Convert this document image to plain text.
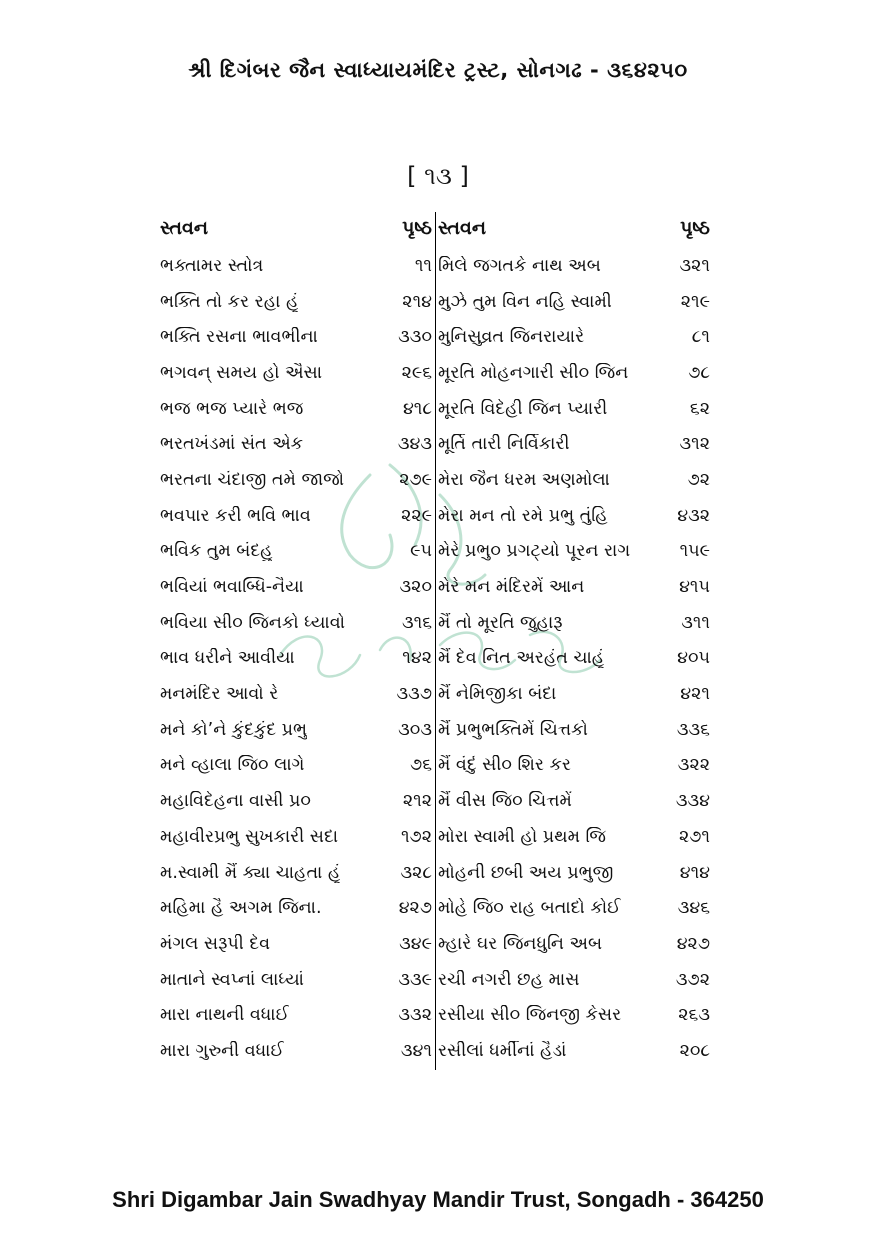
શ્રી દિગંબર જૈન સ્વાધ્યાયમંદિર ટ્રસ્ટ, સોનગઢ - ૩૬૪૨૫૦
[ ૧૩ ]
સ્તવન	પૃષ્ઠ
ભક્તામર સ્તોત્ર	૧૧
ભક્તિ તો કર રહા હૂં	૨૧૪
ભક્તિ રસના ભાવભીના	૩૩૦
ભગવન્ સમય હો ઐસા	૨૯૬
ભજ ભજ પ્યારે ભજ	૪૧૮
ભરતખંડમાં સંત એક	૩૪૩
ભરતના ચંદાજી તમે જાજો	૨૭૯
ભવપાર કરી ભવિ ભાવ	૨૨૯
ભવિક તુમ બંદહુ	૯૫
ભવિયાં ભવાબ્ધિ-નૈયા	૩૨૦
ભવિયા સી૦ જિનકો ધ્યાવો	૩૧૬
ભાવ ધરીને આવીયા	૧૪૨
મનમંદિર આવો રે	૩૩૭
મને કો’ને કુંદકુંદ પ્રભુ	૩૦૩
મને વ્હાલા જિ૦ લાગે	૭૬
મહાવિદેહના વાસી પ્ર૦	૨૧૨
મહાવીરપ્રભુ સુખકારી સદા	૧૭૨
મ.સ્વામી મૈં ક્યા ચાહતા હૂં	૩૨૮
મહિમા હૈ અગમ જિના.	૪૨૭
મંગલ સરૂપી દેવ	૩૪૯
માતાને સ્વપ્નાં લાધ્યાં	૩૩૯
મારા નાથની વધાઈ	૩૩૨
મારા ગુરુની વધાઈ	૩૪૧
સ્તવન	પૃષ્ઠ
મિલે જગતકે નાથ અબ	૩૨૧
મુઝે તુમ વિન નહિ સ્વામી	૨૧૯
મુનિસુવ્રત જિનરાયારે	૮૧
મૂરતિ મોહનગારી સી૦ જિન	૭૮
મૂરતિ વિદેહી જિન પ્યારી	૬૨
મૂર્તિ તારી નિર્વિકારી	૩૧૨
મેરા જૈન ધરમ અણમોલા	૭૨
મેરા મન તો રમે પ્રભુ તુંહિ	૪૩૨
મેરે પ્રભુ૦ પ્રગટ્યો પૂરન રાગ	૧૫૯
મેરે મન મંદિરમેં આન	૪૧૫
મૈં તો મૂરતિ જુહારૂ	૩૧૧
મૈં દેવ નિત અરહંત ચાહૂં	૪૦૫
મૈં નેમિજીકા બંદા	૪૨૧
મૈં પ્રભુભક્તિમેં ચિત્તકો	૩૩૬
મૈં વંદું સી૦ શિર કર	૩૨૨
મૈં વીસ જિ૦ ચિત્તમેં	૩૩૪
મોરા સ્વામી હો પ્રથમ જિ	૨૭૧
મોહની છબી અય પ્રભુજી	૪૧૪
મોહે જિ૦ રાહ બતાદો કોઈ	૩૪૬
મ્હારે ઘર જિનધુનિ અબ	૪૨૭
રચી નગરી છહ માસ	૩૭૨
રસીયા સી૦ જિનજી કેસર	૨૬૩
રસીલાં ધર્મીનાં હૈડાં	૨૦૮
Shri Digambar Jain Swadhyay Mandir Trust, Songadh - 364250
